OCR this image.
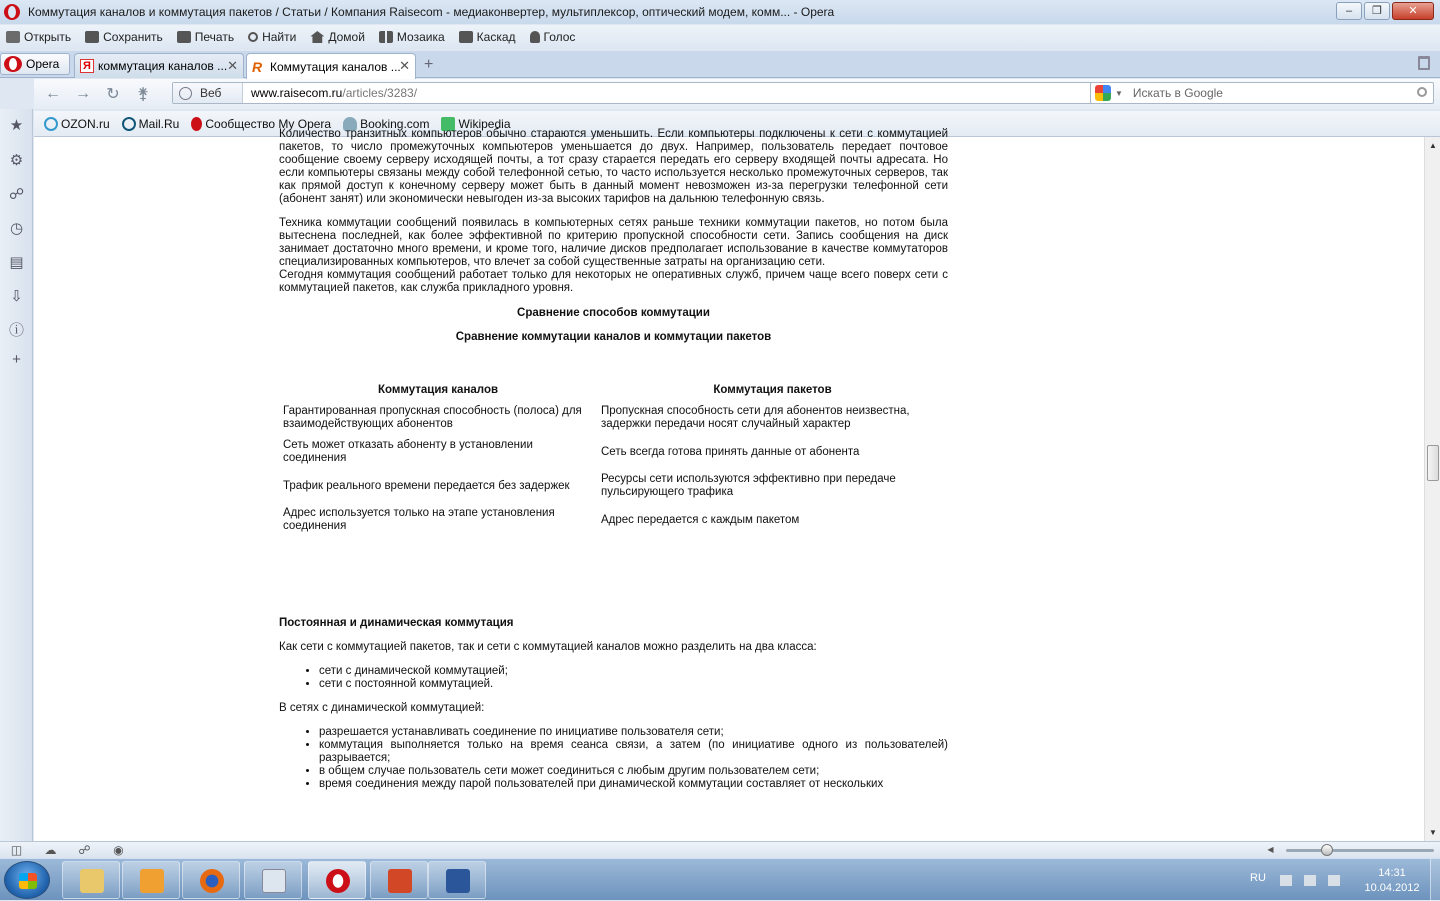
Коммутация каналов и коммутация пакетов / Статьи / Компания Raisecom - медиаконвертер, мультиплексор, оптический модем, комм... - Opera	–	❐	✕
Открыть	Сохранить	Печать Найти	Домой	Мозаика	Каскад Голос
Opera Я коммутация каналов ... ✕ R Коммутация каналов ...
✕ +
← → ↻	⚵	Веб www.raisecom.ru/articles/3283/	▼ Искать в Google
OZON.ru Mail.Ru Сообщество My Opera Booking.com Wikipedia
★
⚙
☍
◷
▤
⇩
ⓘ
+

Количество транзитных компьютеров обычно стараются уменьшить. Если компьютеры подключены к сети с коммутацией пакетов, то число промежуточных компьютеров уменьшается до двух. Например, пользователь передает почтовое сообщение своему серверу исходящей почты, а тот сразу старается передать его серверу входящей почты адресата. Но если компьютеры связаны между собой телефонной сетью, то часто используется несколько промежуточных серверов, так как прямой доступ к конечному серверу может быть в данный момент невозможен из-за перегрузки телефонной сети (абонент занят) или экономически невыгоден из-за высоких тарифов на дальнюю телефонную связь.

Техника коммутации сообщений появилась в компьютерных сетях раньше техники коммутации пакетов, но потом была вытеснена последней, как более эффективной по критерию пропускной способности сети. Запись сообщения на диск занимает достаточно много времени, и кроме того, наличие дисков предполагает использование в качестве коммутаторов специализированных компьютеров, что влечет за собой существенные затраты на организацию сети.
Сегодня коммутация сообщений работает только для некоторых не оперативных служб, причем чаще всего поверх сети с коммутацией пакетов, как служба прикладного уровня.

Сравнение способов коммутации
Сравнение коммутации каналов и коммутации пакетов
Коммутация каналов	Коммутация пакетов
Гарантированная пропускная способность (полоса) для взаимодействующих абонентов	Пропускная способность сети для абонентов неизвестна, задержки передачи носят случайный характер
Сеть может отказать абоненту в установлении соединения	Сеть всегда готова принять данные от абонента
Трафик реального времени передается без задержек	Ресурсы сети используются эффективно при передаче пульсирующего трафика
Адрес используется только на этапе установления соединения	Адрес передается с каждым пакетом

Постоянная и динамическая коммутация

Как сети с коммутацией пакетов, так и сети с коммутацией каналов можно разделить на два класса:

• сети с динамической коммутацией;
• сети с постоянной коммутацией.

В сетях с динамической коммутацией:

• разрешается устанавливать соединение по инициативе пользователя сети;
• коммутация выполняется только на время сеанса связи, а затем (по инициативе одного из пользователей) разрывается;
• в общем случае пользователь сети может соединиться с любым другим пользователем сети;
• время соединения между парой пользователей при динамической коммутации составляет от нескольких
▲
▼
◫ ☁ ☍ ◉	◀
RU	14:31
10.04.2012
